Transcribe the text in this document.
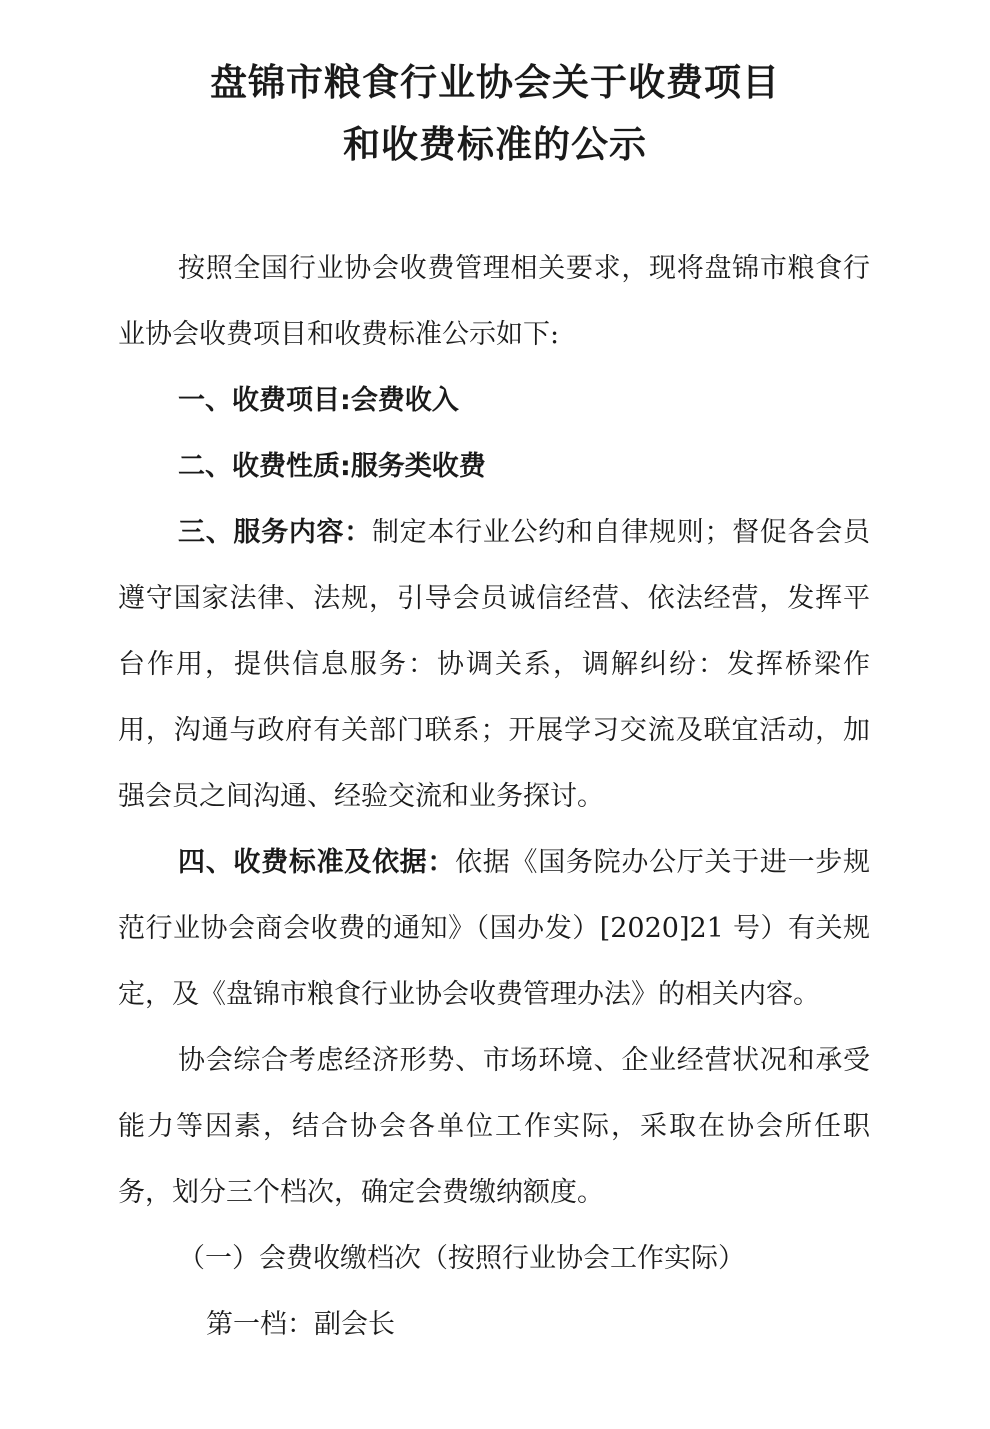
盘锦市粮食行业协会关于收费项目
和收费标准的公示

按照全国行业协会收费管理相关要求，现将盘锦市粮食行业协会收费项目和收费标准公示如下:

一、收费项目:会费收入

二、收费性质:服务类收费

三、服务内容：制定本行业公约和自律规则；督促各会员遵守国家法律、法规，引导会员诚信经营、依法经营，发挥平台作用，提供信息服务：协调关系，调解纠纷：发挥桥梁作用，沟通与政府有关部门联系；开展学习交流及联宜活动，加强会员之间沟通、经验交流和业务探讨。

四、收费标准及依据：依据《国务院办公厅关于进一步规范行业协会商会收费的通知》（国办发）[2020]21 号）有关规定，及《盘锦市粮食行业协会收费管理办法》的相关内容。

协会综合考虑经济形势、市场环境、企业经营状况和承受能力等因素，结合协会各单位工作实际，采取在协会所任职务，划分三个档次，确定会费缴纳额度。

（一）会费收缴档次（按照行业协会工作实际）

第一档：副会长
